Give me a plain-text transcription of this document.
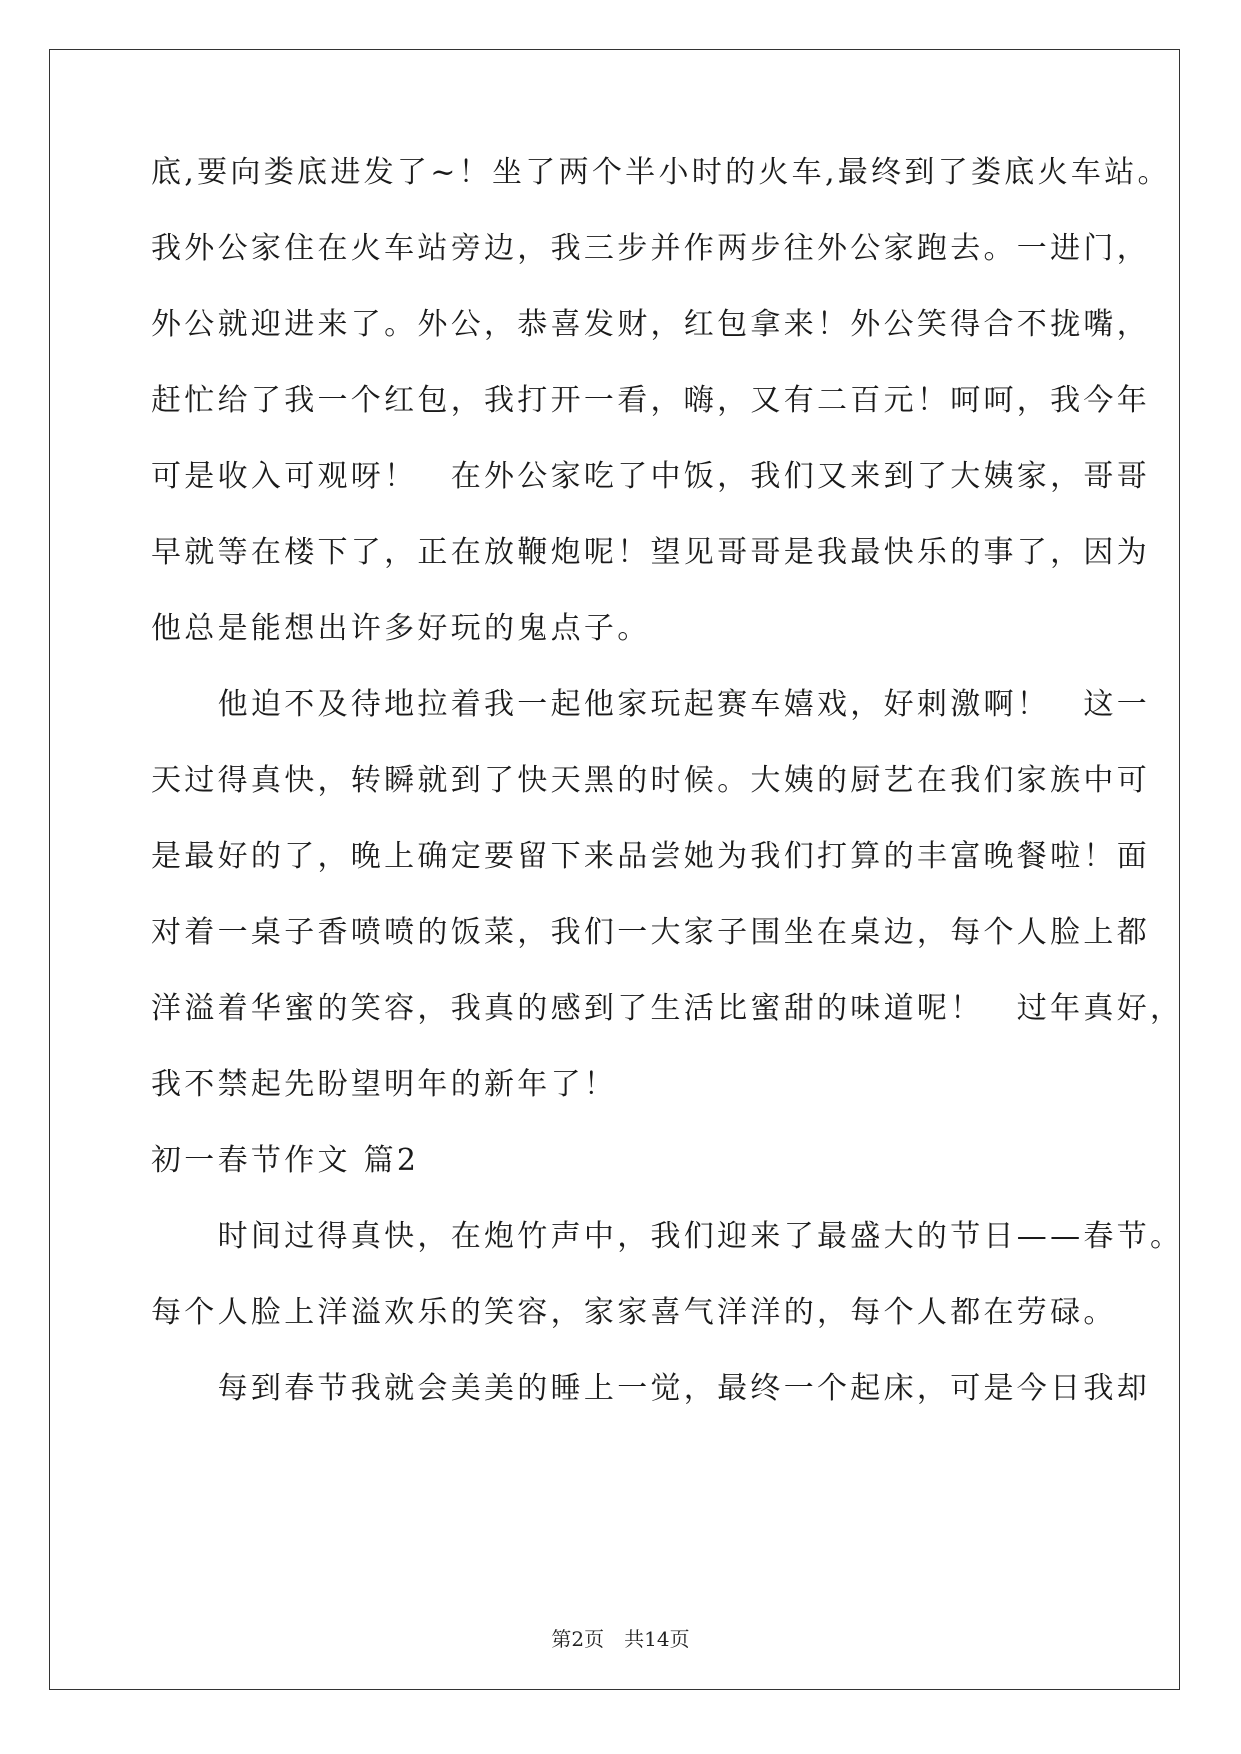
底,要向娄底进发了~！坐了两个半小时的火车,最终到了娄底火车站。
我外公家住在火车站旁边，我三步并作两步往外公家跑去。一进门，
外公就迎进来了。外公，恭喜发财，红包拿来！外公笑得合不拢嘴，
赶忙给了我一个红包，我打开一看，嗨，又有二百元！呵呵，我今年
可是收入可观呀！　在外公家吃了中饭，我们又来到了大姨家，哥哥
早就等在楼下了，正在放鞭炮呢！望见哥哥是我最快乐的事了，因为
他总是能想出许多好玩的鬼点子。
　　他迫不及待地拉着我一起他家玩起赛车嬉戏，好刺激啊！　这一
天过得真快，转瞬就到了快天黑的时候。大姨的厨艺在我们家族中可
是最好的了，晚上确定要留下来品尝她为我们打算的丰富晚餐啦！面
对着一桌子香喷喷的饭菜，我们一大家子围坐在桌边，每个人脸上都
洋溢着华蜜的笑容，我真的感到了生活比蜜甜的味道呢！　过年真好，
我不禁起先盼望明年的新年了！
初一春节作文 篇2
　　时间过得真快，在炮竹声中，我们迎来了最盛大的节日——春节。
每个人脸上洋溢欢乐的笑容，家家喜气洋洋的，每个人都在劳碌。
　　每到春节我就会美美的睡上一觉，最终一个起床，可是今日我却
第2页　共14页
